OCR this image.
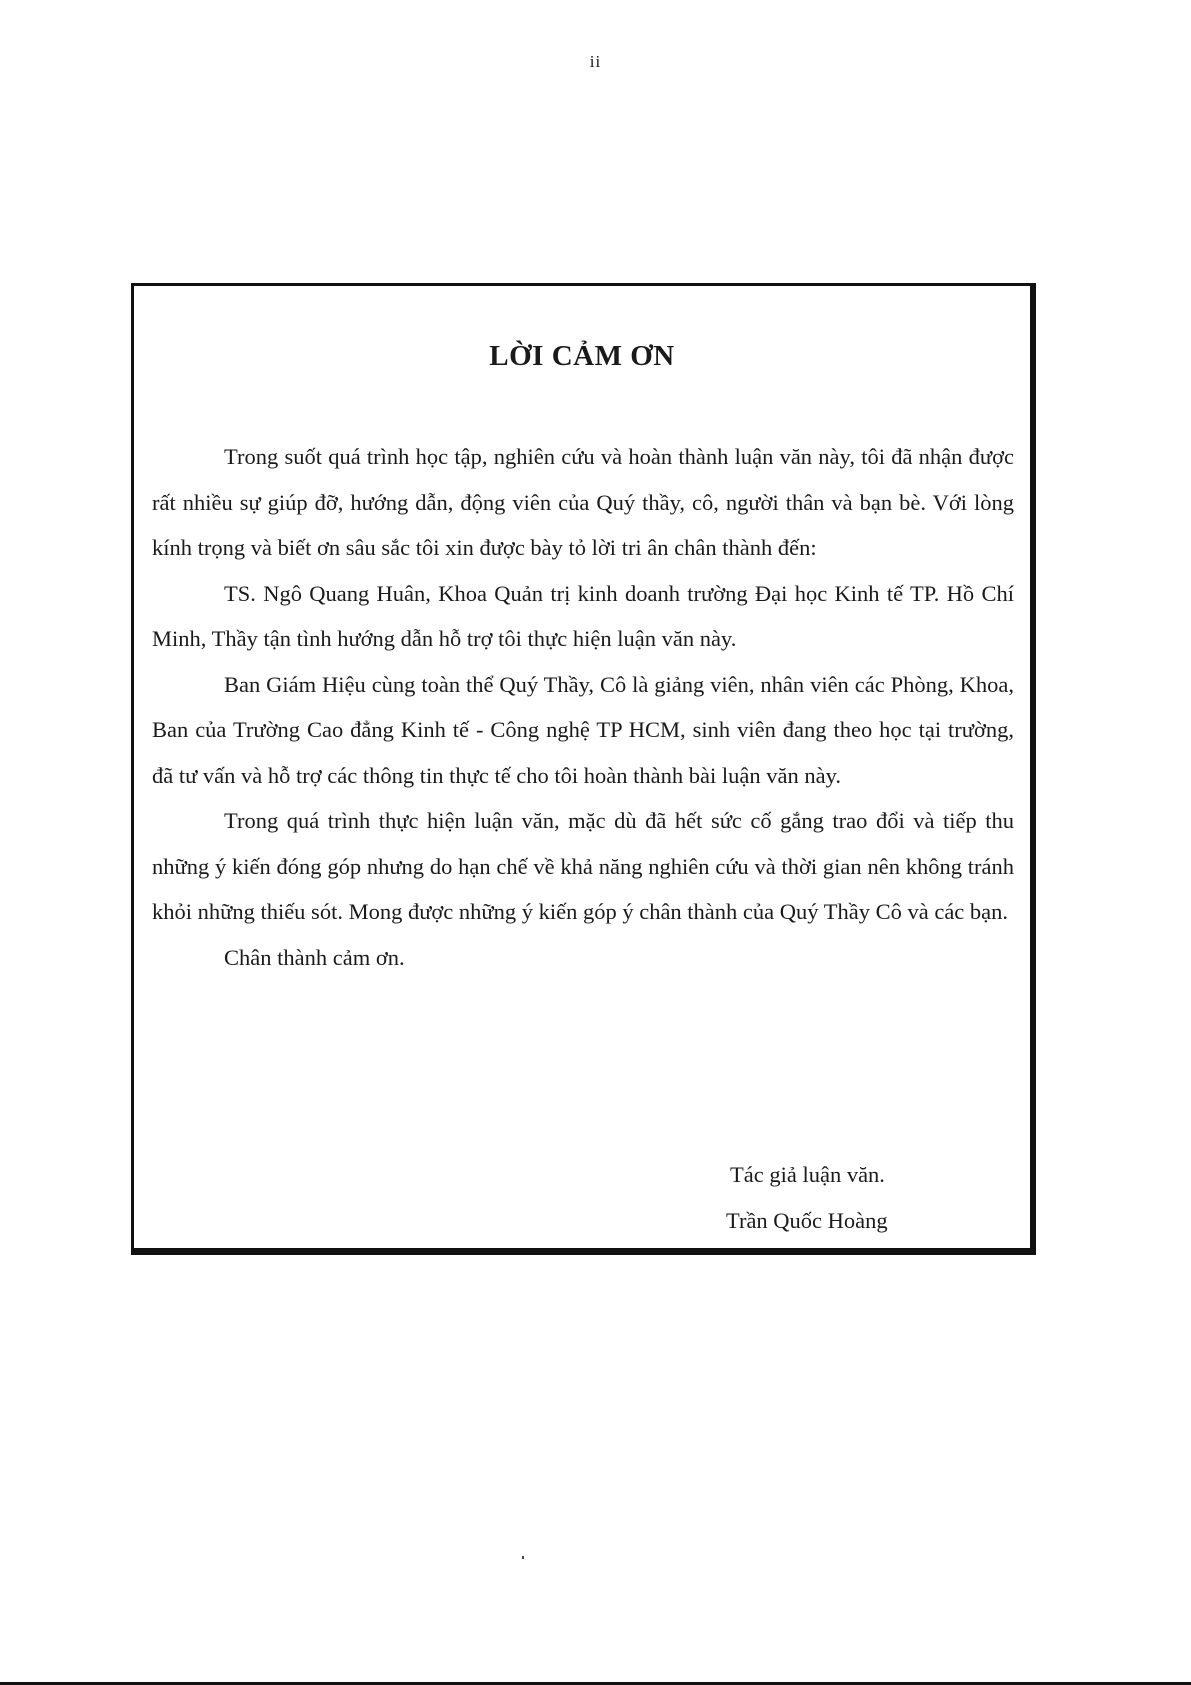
ii
LỜI CẢM ƠN

Trong suốt quá trình học tập, nghiên cứu và hoàn thành luận văn này, tôi đã nhận được rất nhiều sự giúp đỡ, hướng dẫn, động viên của Quý thầy, cô, người thân và bạn bè. Với lòng kính trọng và biết ơn sâu sắc tôi xin được bày tỏ lời tri ân chân thành đến:

TS. Ngô Quang Huân, Khoa Quản trị kinh doanh trường Đại học Kinh tế TP. Hồ Chí Minh, Thầy tận tình hướng dẫn hỗ trợ tôi thực hiện luận văn này.

Ban Giám Hiệu cùng toàn thể Quý Thầy, Cô là giảng viên, nhân viên các Phòng, Khoa, Ban của Trường Cao đẳng Kinh tế - Công nghệ TP HCM, sinh viên đang theo học tại trường, đã tư vấn và hỗ trợ các thông tin thực tế cho tôi hoàn thành bài luận văn này.

Trong quá trình thực hiện luận văn, mặc dù đã hết sức cố gắng trao đổi và tiếp thu những ý kiến đóng góp nhưng do hạn chế về khả năng nghiên cứu và thời gian nên không tránh khỏi những thiếu sót. Mong được những ý kiến góp ý chân thành của Quý Thầy Cô và các bạn.

Chân thành cảm ơn.

Tác giả luận văn.
Trần Quốc Hoàng
